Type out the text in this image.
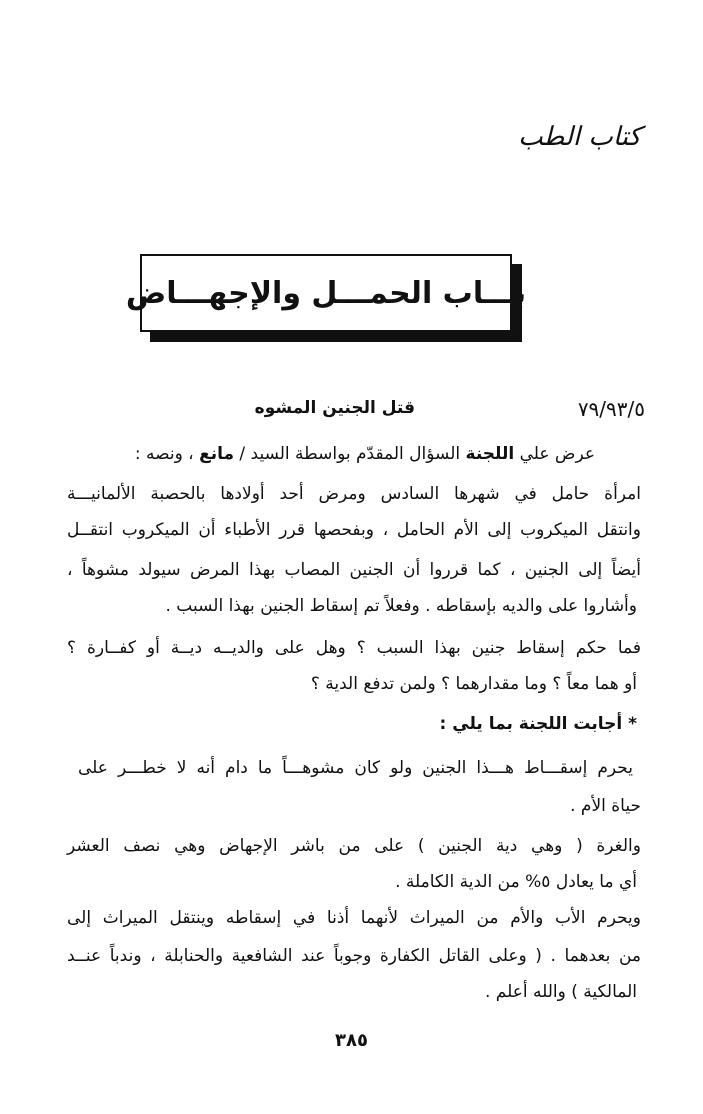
كتاب الطب
بـــاب الحمـــل والإجهـــاض
٧٩/٩٣/٥
قتل الجنين المشوه
عرض علي اللجنة السؤال المقدّم بواسطة السيد / مانع ، ونصه :
امرأة حامل في شهرها السادس ومرض أحد أولادها بالحصبة الألمانيـــة
وانتقل الميكروب إلى الأم الحامل ، وبفحصها قرر الأطباء أن الميكروب انتقــل
أيضاً إلى الجنين ، كما قرروا أن الجنين المصاب بهذا المرض سيولد مشوهاً ،
وأشاروا على والديه بإسقاطه . وفعلاً تم إسقاط الجنين بهذا السبب .
فما حكم إسقاط جنين بهذا السبب ؟ وهل على والديــه ديــة أو كفــارة ؟
أو هما معاً ؟ وما مقدارهما ؟ ولمن تدفع الدية ؟
* أجابت اللجنة بما يلي :
يحرم إسقـــاط هـــذا الجنين ولو كان مشوهـــاً ما دام أنه لا خطـــر على
حياة الأم .
والغرة ( وهي دية الجنين ) على من باشر الإجهاض وهي نصف العشر
أي ما يعادل ٥% من الدية الكاملة .
ويحرم الأب والأم من الميراث لأنهما أذنا في إسقاطه وينتقل الميراث إلى
من بعدهما . ( وعلى القاتل الكفارة وجوباً عند الشافعية والحنابلة ، وندباً عنــد
المالكية ) والله أعلم .
٣٨٥
